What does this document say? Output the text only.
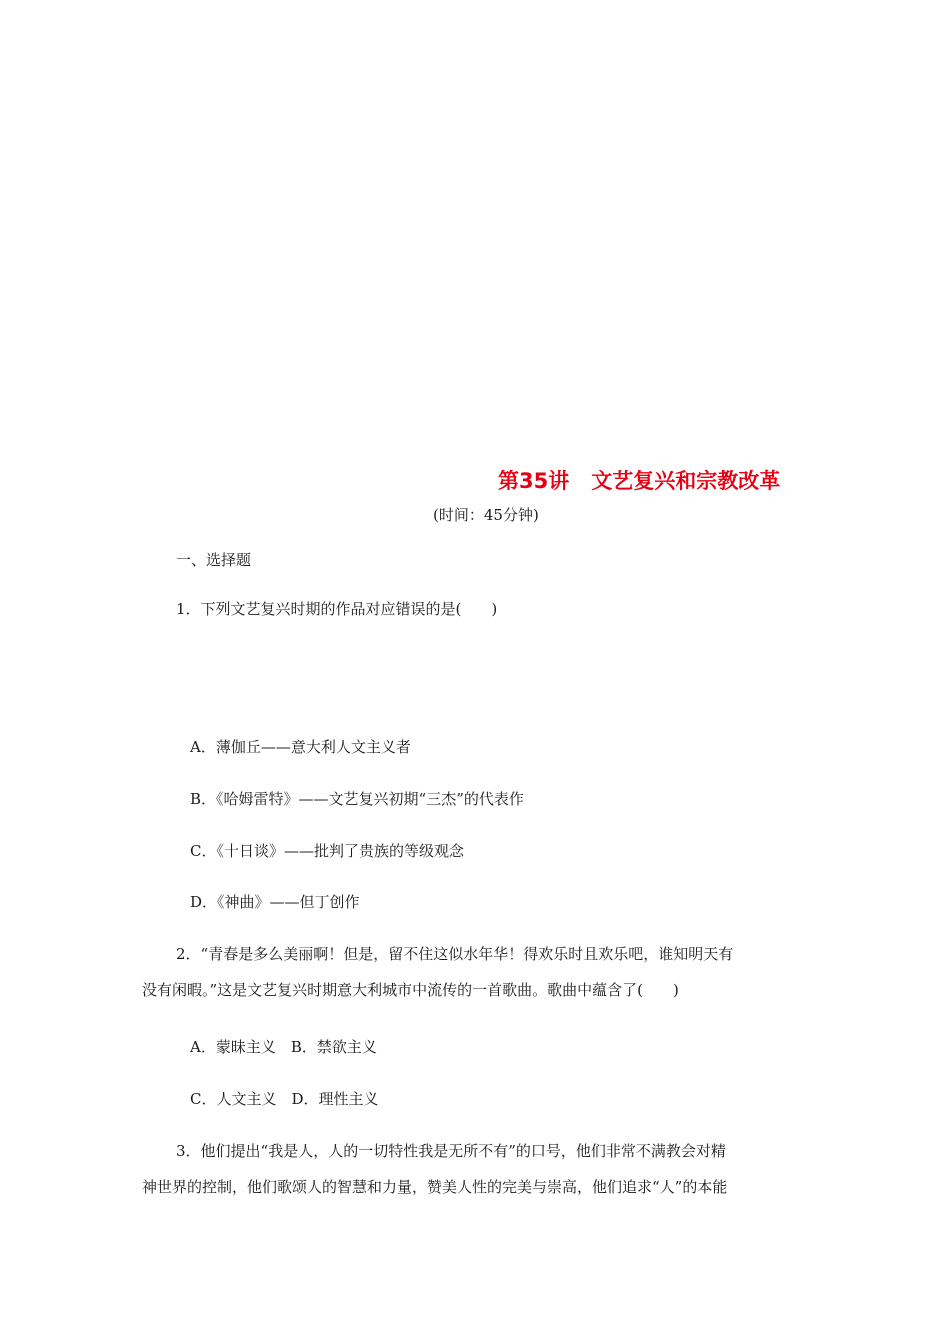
第35讲 文艺复兴和宗教改革

(时间：45分钟)

一、选择题

1．下列文艺复兴时期的作品对应错误的是(　　)

A．薄伽丘——意大利人文主义者

B．《哈姆雷特》——文艺复兴初期“三杰”的代表作

C．《十日谈》——批判了贵族的等级观念

D．《神曲》——但丁创作

2．“青春是多么美丽啊！但是，留不住这似水年华！得欢乐时且欢乐吧，谁知明天有

没有闲暇。”这是文艺复兴时期意大利城市中流传的一首歌曲。歌曲中蕴含了(　　)

A．蒙昧主义　B．禁欲主义

C．人文主义　D．理性主义

3．他们提出“我是人，人的一切特性我是无所不有”的口号，他们非常不满教会对精

神世界的控制，他们歌颂人的智慧和力量，赞美人性的完美与崇高，他们追求“人”的本能
